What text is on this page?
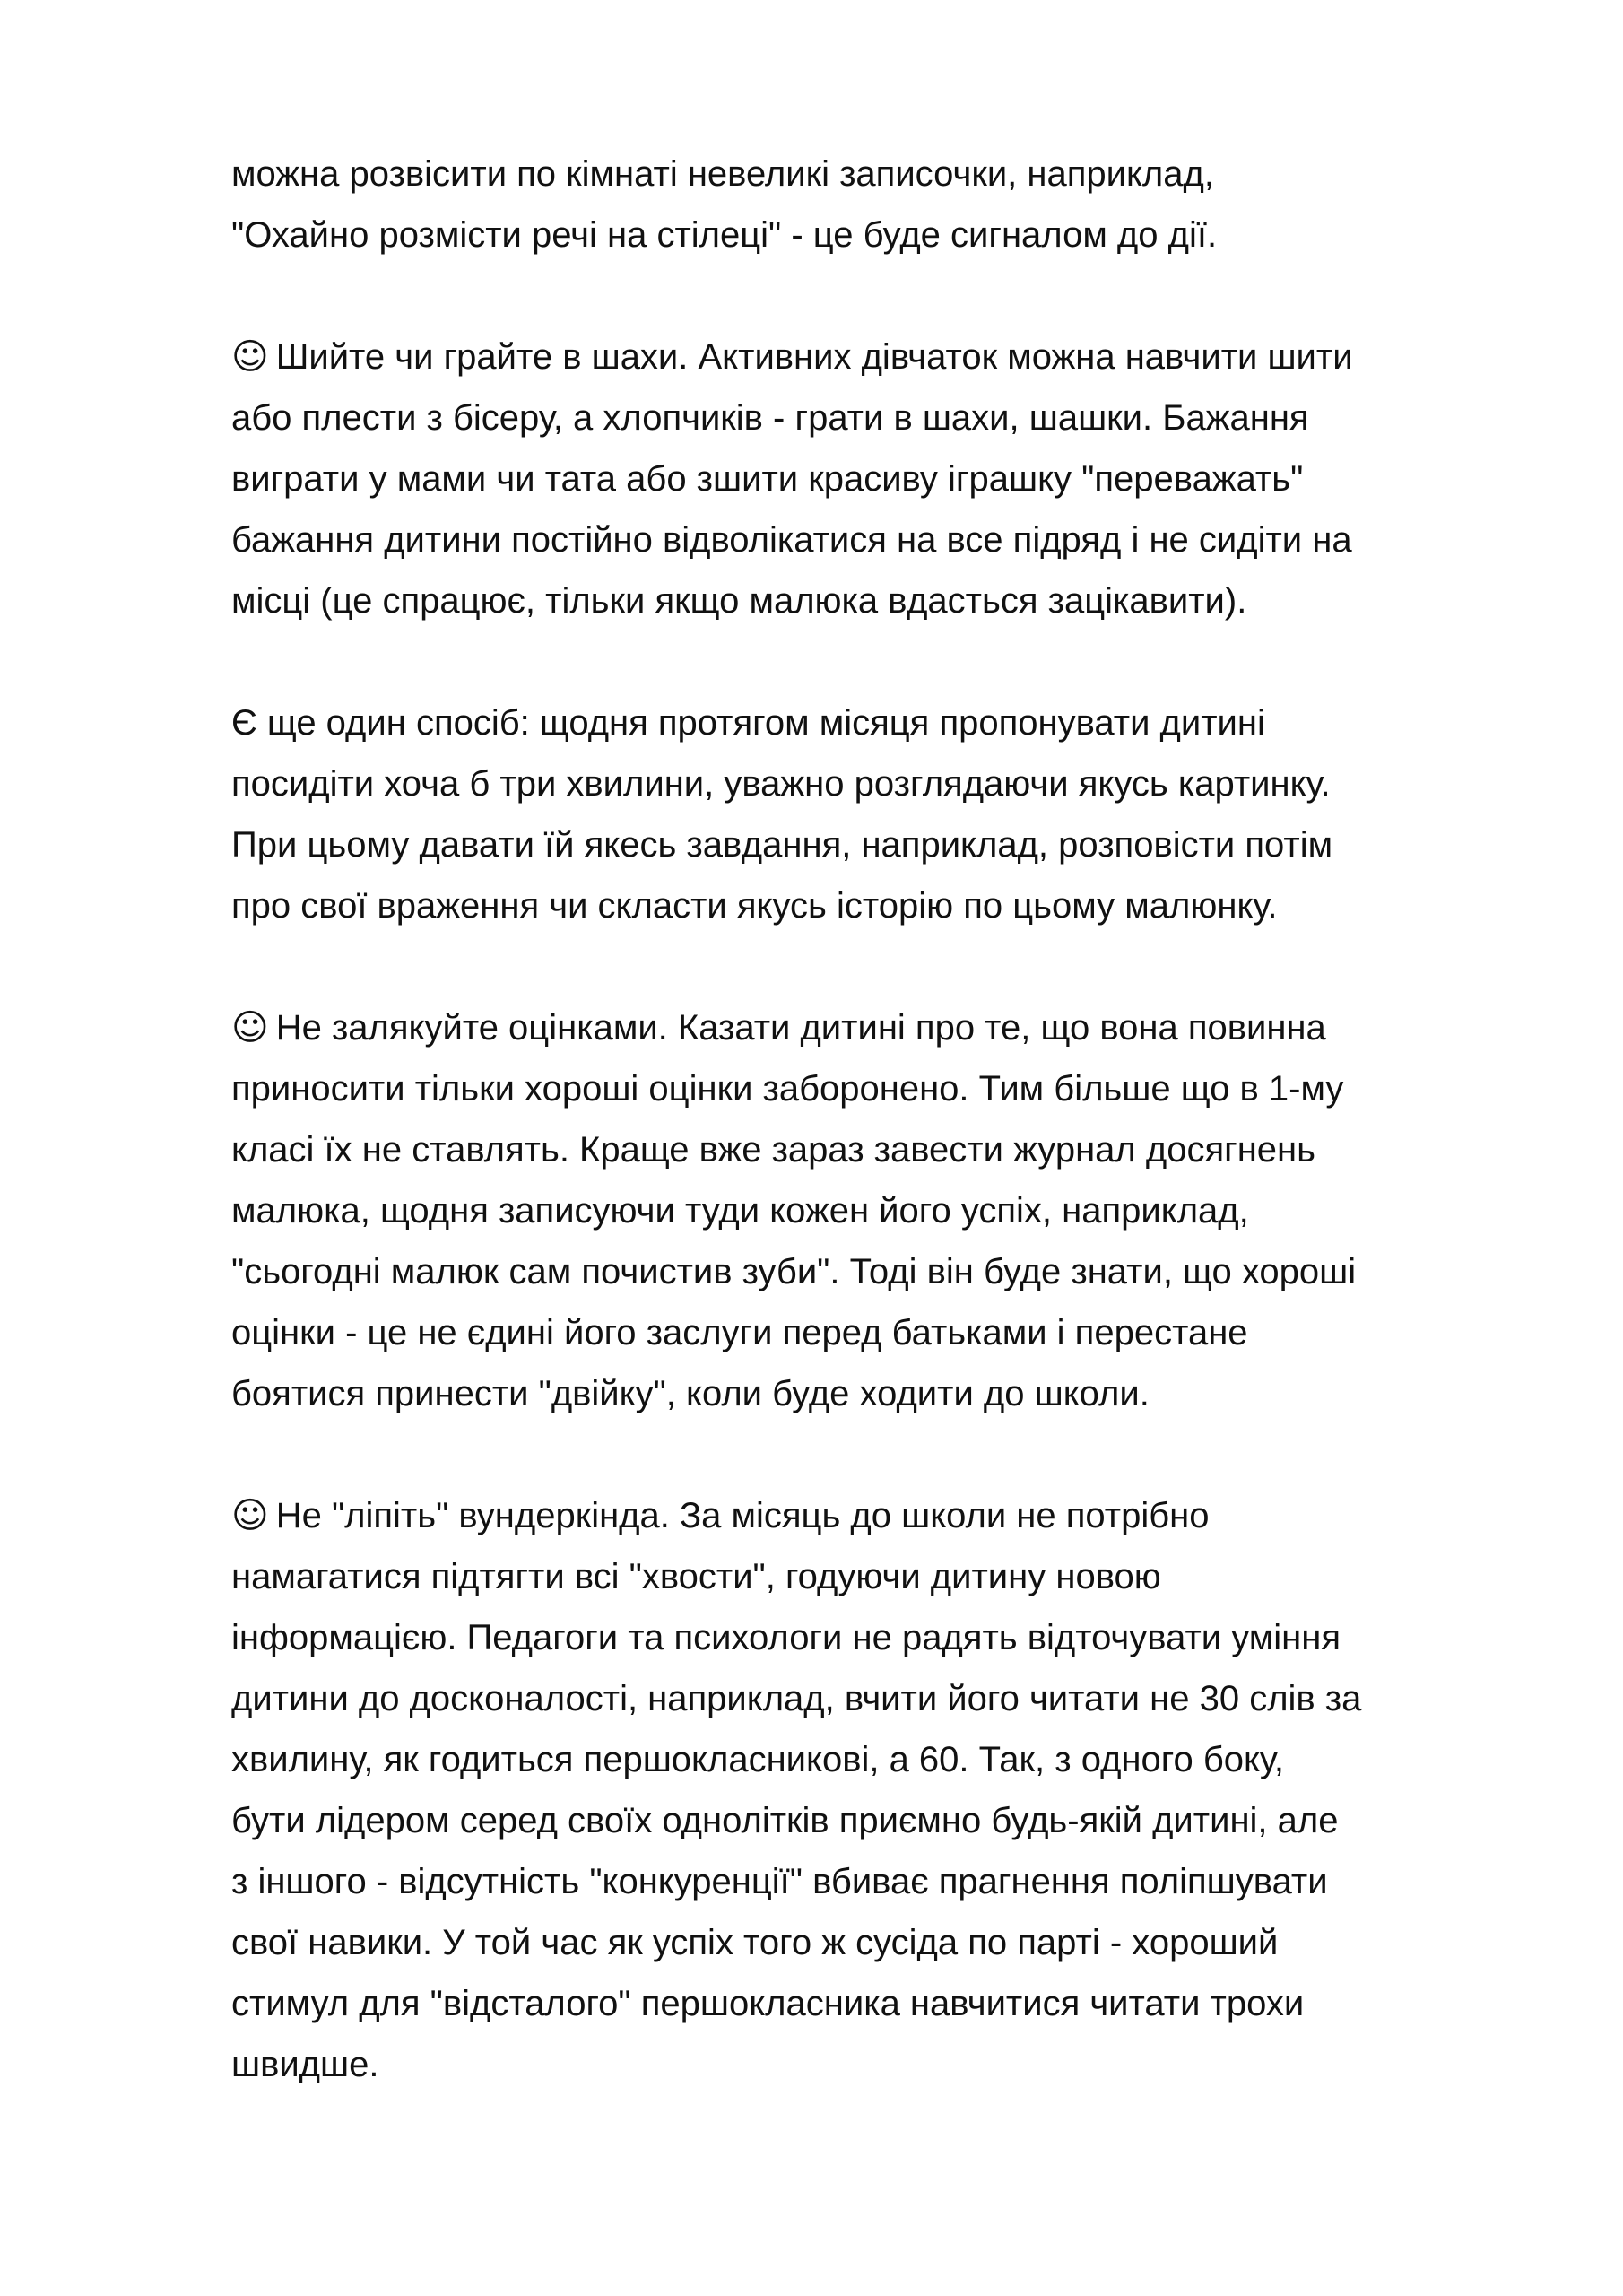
можна розвісити по кімнаті невеликі записочки, наприклад,
"Охайно розмісти речі на стілеці" - це буде сигналом до дії.
☺ Шийте чи грайте в шахи. Активних дівчаток можна навчити шити
або плести з бісеру, а хлопчиків - грати в шахи, шашки. Бажання
виграти у мами чи тата або зшити красиву іграшку "переважать"
бажання дитини постійно відволікатися на все підряд і не сидіти на
місці (це спрацює, тільки якщо малюка вдасться зацікавити).
Є ще один спосіб: щодня протягом місяця пропонувати дитині
посидіти хоча б три хвилини, уважно розглядаючи якусь картинку.
При цьому давати їй якесь завдання, наприклад, розповісти потім
про свої враження чи скласти якусь історію по цьому малюнку.
☺ Не залякуйте оцінками. Казати дитині про те, що вона повинна
приносити тільки хороші оцінки заборонено. Тим більше що в 1-му
класі їх не ставлять. Краще вже зараз завести журнал досягнень
малюка, щодня записуючи туди кожен його успіх, наприклад,
"сьогодні малюк сам почистив зуби". Тоді він буде знати, що хороші
оцінки - це не єдині його заслуги перед батьками і перестане
боятися принести "двійку", коли буде ходити до школи.
☺ Не "ліпіть" вундеркінда. За місяць до школи не потрібно
намагатися підтягти всі "хвости", годуючи дитину новою
інформацією. Педагоги та психологи не радять відточувати уміння
дитини до досконалості, наприклад, вчити його читати не 30 слів за
хвилину, як годиться першокласникові, а 60. Так, з одного боку,
бути лідером серед своїх однолітків приємно будь-якій дитині, але
з іншого - відсутність "конкуренції" вбиває прагнення поліпшувати
свої навики. У той час як успіх того ж сусіда по парті - хороший
стимул для "відсталого" першокласника навчитися читати трохи
швидше.
